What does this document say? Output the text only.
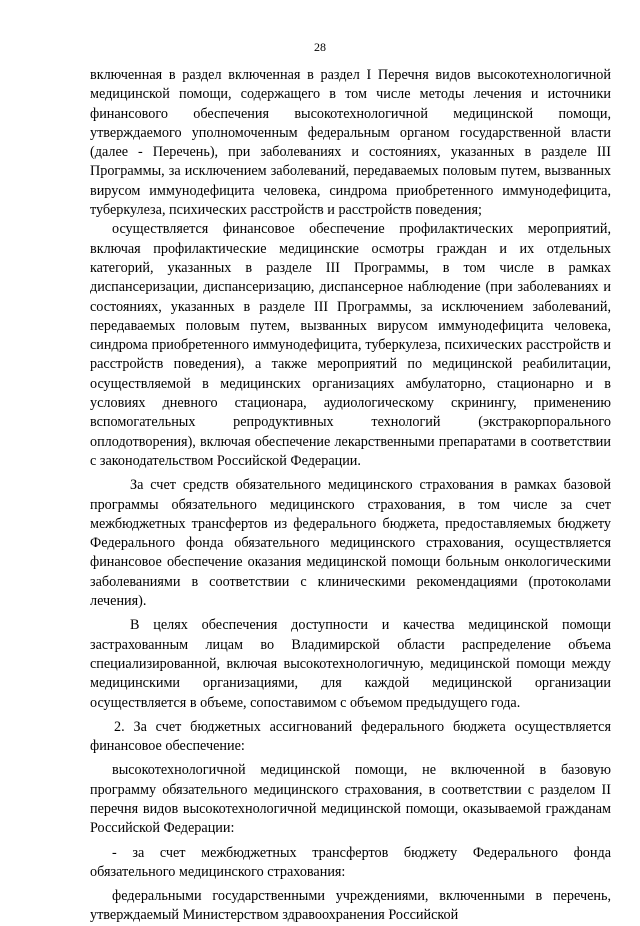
28

включенная в раздел включенная в раздел I Перечня видов высокотехнологичной медицинской помощи, содержащего в том числе методы лечения и источники финансового обеспечения высокотехнологичной медицинской помощи, утверждаемого уполномоченным федеральным органом государственной власти (далее - Перечень), при заболеваниях и состояниях, указанных в разделе III Программы, за исключением заболеваний, передаваемых половым путем, вызванных вирусом иммунодефицита человека, синдрома приобретенного иммунодефицита, туберкулеза, психических расстройств и расстройств поведения;

осуществляется финансовое обеспечение профилактических мероприятий, включая профилактические медицинские осмотры граждан и их отдельных категорий, указанных в разделе III Программы, в том числе в рамках диспансеризации, диспансеризацию, диспансерное наблюдение (при заболеваниях и состояниях, указанных в разделе III Программы, за исключением заболеваний, передаваемых половым путем, вызванных вирусом иммунодефицита человека, синдрома приобретенного иммунодефицита, туберкулеза, психических расстройств и расстройств поведения), а также мероприятий по медицинской реабилитации, осуществляемой в медицинских организациях амбулаторно, стационарно и в условиях дневного стационара, аудиологическому скринингу, применению вспомогательных репродуктивных технологий (экстракорпорального оплодотворения), включая обеспечение лекарственными препаратами в соответствии с законодательством Российской Федерации.

За счет средств обязательного медицинского страхования в рамках базовой программы обязательного медицинского страхования, в том числе за счет межбюджетных трансфертов из федерального бюджета, предоставляемых бюджету Федерального фонда обязательного медицинского страхования, осуществляется финансовое обеспечение оказания медицинской помощи больным онкологическими заболеваниями в соответствии с клиническими рекомендациями (протоколами лечения).

В целях обеспечения доступности и качества медицинской помощи застрахованным лицам во Владимирской области распределение объема специализированной, включая высокотехнологичную, медицинской помощи между медицинскими организациями, для каждой медицинской организации осуществляется в объеме, сопоставимом с объемом предыдущего года.

2. За счет бюджетных ассигнований федерального бюджета осуществляется финансовое обеспечение:

высокотехнологичной медицинской помощи, не включенной в базовую программу обязательного медицинского страхования, в соответствии с разделом II перечня видов высокотехнологичной медицинской помощи, оказываемой гражданам Российской Федерации:

- за счет межбюджетных трансфертов бюджету Федерального фонда обязательного медицинского страхования:

федеральными государственными учреждениями, включенными в перечень, утверждаемый Министерством здравоохранения Российской
